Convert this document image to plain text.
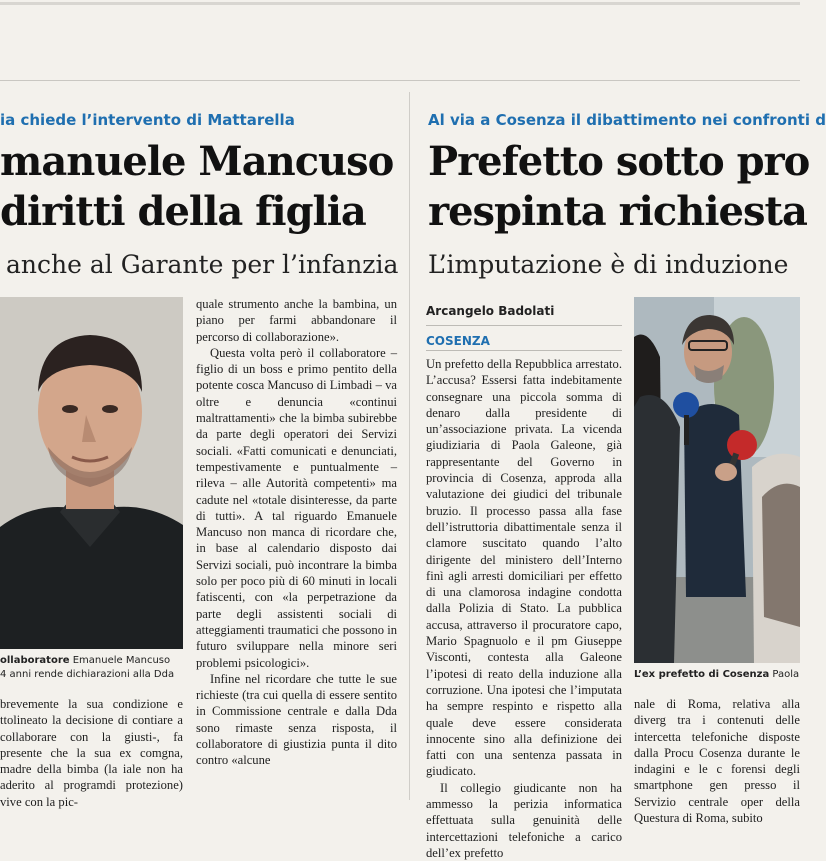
ia chiede l’intervento di Mattarella
manuele Mancuso
diritti della figlia
anche al Garante per l’infanzia
ollaboratore Emanuele Mancuso
4 anni rende dichiarazioni alla Dda

brevemente la sua condizione e ttolineato la decisione di contiare a collaborare con la giusti-, fa presente che la sua ex comgna, madre della bimba (la iale non ha aderito al programdi protezione) vive con la pic-

quale strumento anche la bambina, un piano per farmi abbandonare il percorso di collaborazione».

Questa volta però il collaboratore – figlio di un boss e primo pentito della potente cosca Mancuso di Limbadi – va oltre e denuncia «continui maltrattamenti» che la bimba subirebbe da parte degli operatori dei Servizi sociali. «Fatti comunicati e denunciati, tempestivamente e puntualmente – rileva – alle Autorità competenti» ma cadute nel «totale disinteresse, da parte di tutti». A tal riguardo Emanuele Mancuso non manca di ricordare che, in base al calendario disposto dai Servizi sociali, può incontrare la bimba solo per poco più di 60 minuti in locali fatiscenti, con «la perpetrazione da parte degli assistenti sociali di atteggiamenti traumatici che possono in futuro sviluppare nella minore seri problemi psicologici».

Infine nel ricordare che tutte le sue richieste (tra cui quella di essere sentito in Commissione centrale e dalla Dda sono rimaste senza risposta, il collaboratore di giustizia punta il dito contro «alcune

Al via a Cosenza il dibattimento nei confronti d
Prefetto sotto pro
respinta richiesta
L’imputazione è di induzione
Arcangelo Badolati
COSENZA

Un prefetto della Repubblica arrestato. L’accusa? Essersi fatta indebitamente consegnare una piccola somma di denaro dalla presidente di un’associazione privata. La vicenda giudiziaria di Paola Galeone, già rappresentante del Governo in provincia di Cosenza, approda alla valutazione dei giudici del tribunale bruzio. Il processo passa alla fase dell’istruttoria dibattimentale senza il clamore suscitato quando l’alto dirigente del ministero dell’Interno finì agli arresti domiciliari per effetto di una clamorosa indagine condotta dalla Polizia di Stato. La pubblica accusa, attraverso il procuratore capo, Mario Spagnuolo e il pm Giuseppe Visconti, contesta alla Galeone l’ipotesi di reato della induzione alla corruzione. Una ipotesi che l’imputata ha sempre respinto e rispetto alla quale deve essere considerata innocente sino alla definizione dei fatti con una sentenza passata in giudicato.

Il collegio giudicante non ha ammesso la perizia informatica effettuata sulla genuinità delle intercettazioni telefoniche a carico dell’ex prefetto

L’ex prefetto di Cosenza Paola

nale di Roma, relativa alla diverg tra i contenuti delle intercetta telefoniche disposte dalla Procu Cosenza durante le indagini e le c forensi degli smartphone gen presso il Servizio centrale oper della Questura di Roma, subito
